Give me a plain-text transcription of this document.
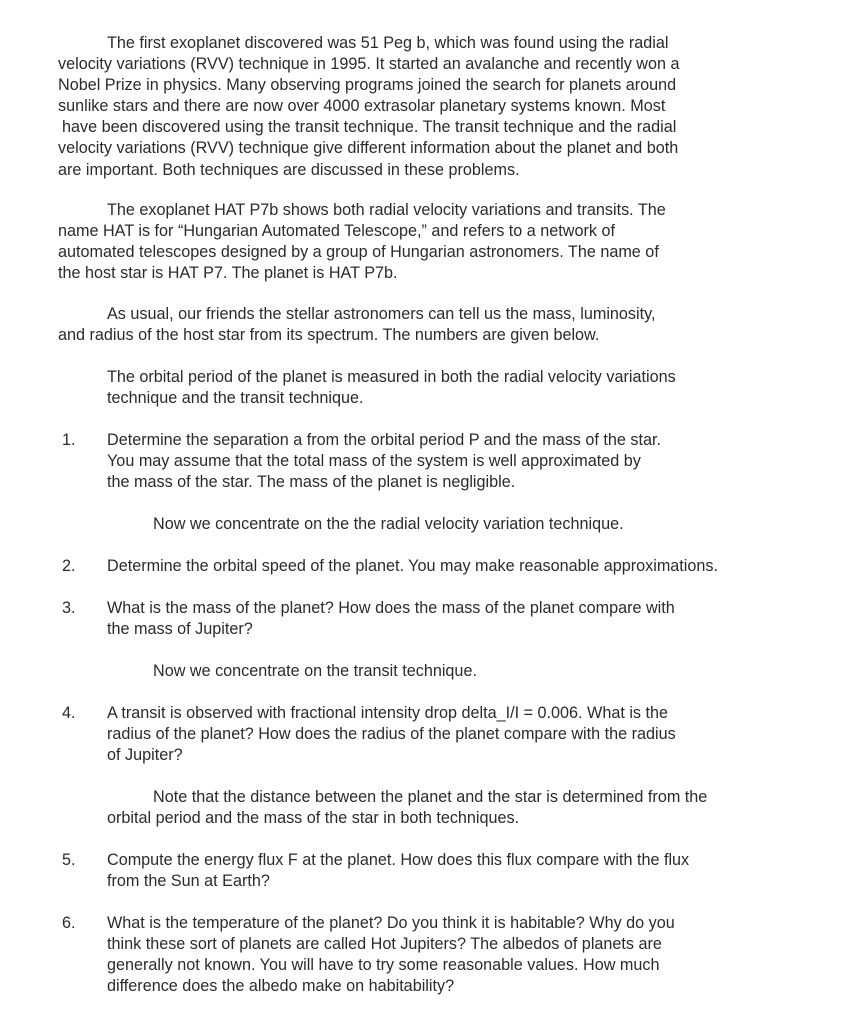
The first exoplanet discovered was 51 Peg b, which was found using the radial
velocity variations (RVV) technique in 1995. It started an avalanche and recently won a
Nobel Prize in physics. Many observing programs joined the search for planets around
sunlike stars and there are now over 4000 extrasolar planetary systems known. Most
have been discovered using the transit technique. The transit technique and the radial
velocity variations (RVV) technique give different information about the planet and both
are important. Both techniques are discussed in these problems.
The exoplanet HAT P7b shows both radial velocity variations and transits. The
name HAT is for “Hungarian Automated Telescope,” and refers to a network of
automated telescopes designed by a group of Hungarian astronomers. The name of
the host star is HAT P7. The planet is HAT P7b.
As usual, our friends the stellar astronomers can tell us the mass, luminosity,
and radius of the host star from its spectrum. The numbers are given below.
The orbital period of the planet is measured in both the radial velocity variations
technique and the transit technique.
1. Determine the separation a from the orbital period P and the mass of the star.
You may assume that the total mass of the system is well approximated by
the mass of the star. The mass of the planet is negligible.
Now we concentrate on the the radial velocity variation technique.
2. Determine the orbital speed of the planet. You may make reasonable approximations.
3. What is the mass of the planet? How does the mass of the planet compare with
the mass of Jupiter?
Now we concentrate on the transit technique.
4. A transit is observed with fractional intensity drop delta_I/I = 0.006. What is the
radius of the planet? How does the radius of the planet compare with the radius
of Jupiter?
Note that the distance between the planet and the star is determined from the
orbital period and the mass of the star in both techniques.
5. Compute the energy flux F at the planet. How does this flux compare with the flux
from the Sun at Earth?
6. What is the temperature of the planet? Do you think it is habitable? Why do you
think these sort of planets are called Hot Jupiters? The albedos of planets are
generally not known. You will have to try some reasonable values. How much
difference does the albedo make on habitability?
